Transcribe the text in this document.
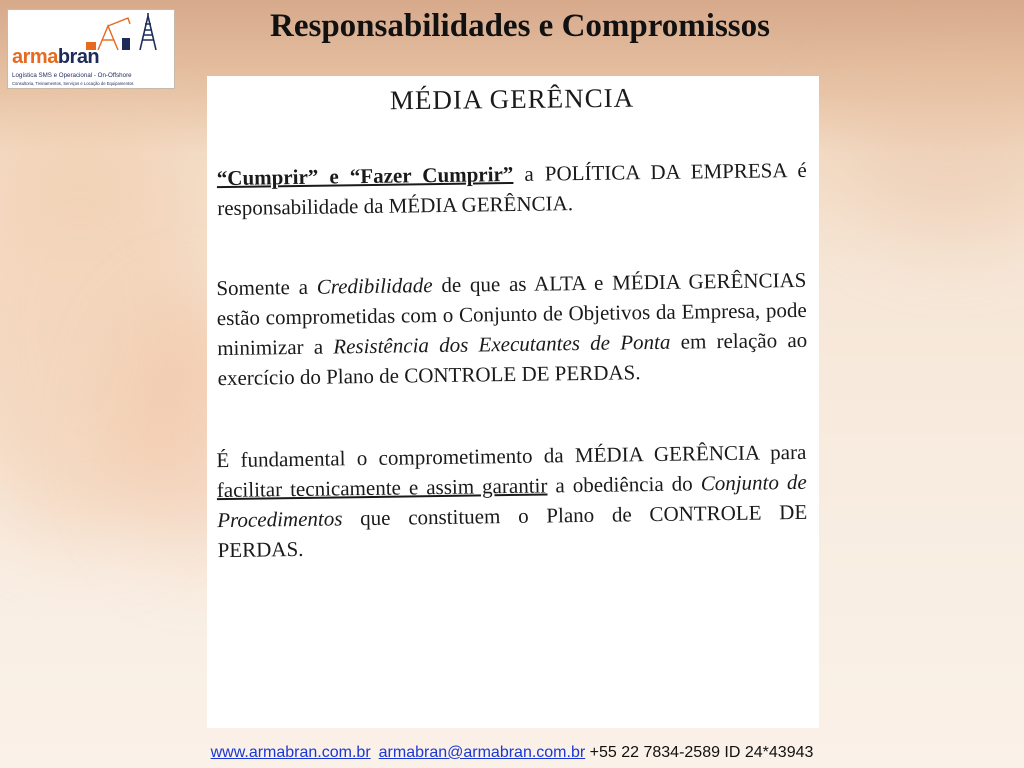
armabran
Logística SMS e Operacional - On-Offshore
Consultoria, Treinamentos, Serviços e Locação de Equipamentos
Responsabilidades e Compromissos
MÉDIA GERÊNCIA

“Cumprir” e “Fazer Cumprir” a POLÍTICA DA EMPRESA é responsabilidade da MÉDIA GERÊNCIA.

Somente a Credibilidade de que as ALTA e MÉDIA GERÊNCIAS estão comprometidas com o Conjunto de Objetivos da Empresa, pode minimizar a Resistência dos Executantes de Ponta em relação ao exercício do Plano de CONTROLE DE PERDAS.

É fundamental o comprometimento da MÉDIA GERÊNCIA para facilitar tecnicamente e assim garantir a obediência do Conjunto de Procedimentos que constituem o Plano de CONTROLE DE PERDAS.

www.armabran.com.br armabran@armabran.com.br +55 22 7834-2589 ID 24*43943
